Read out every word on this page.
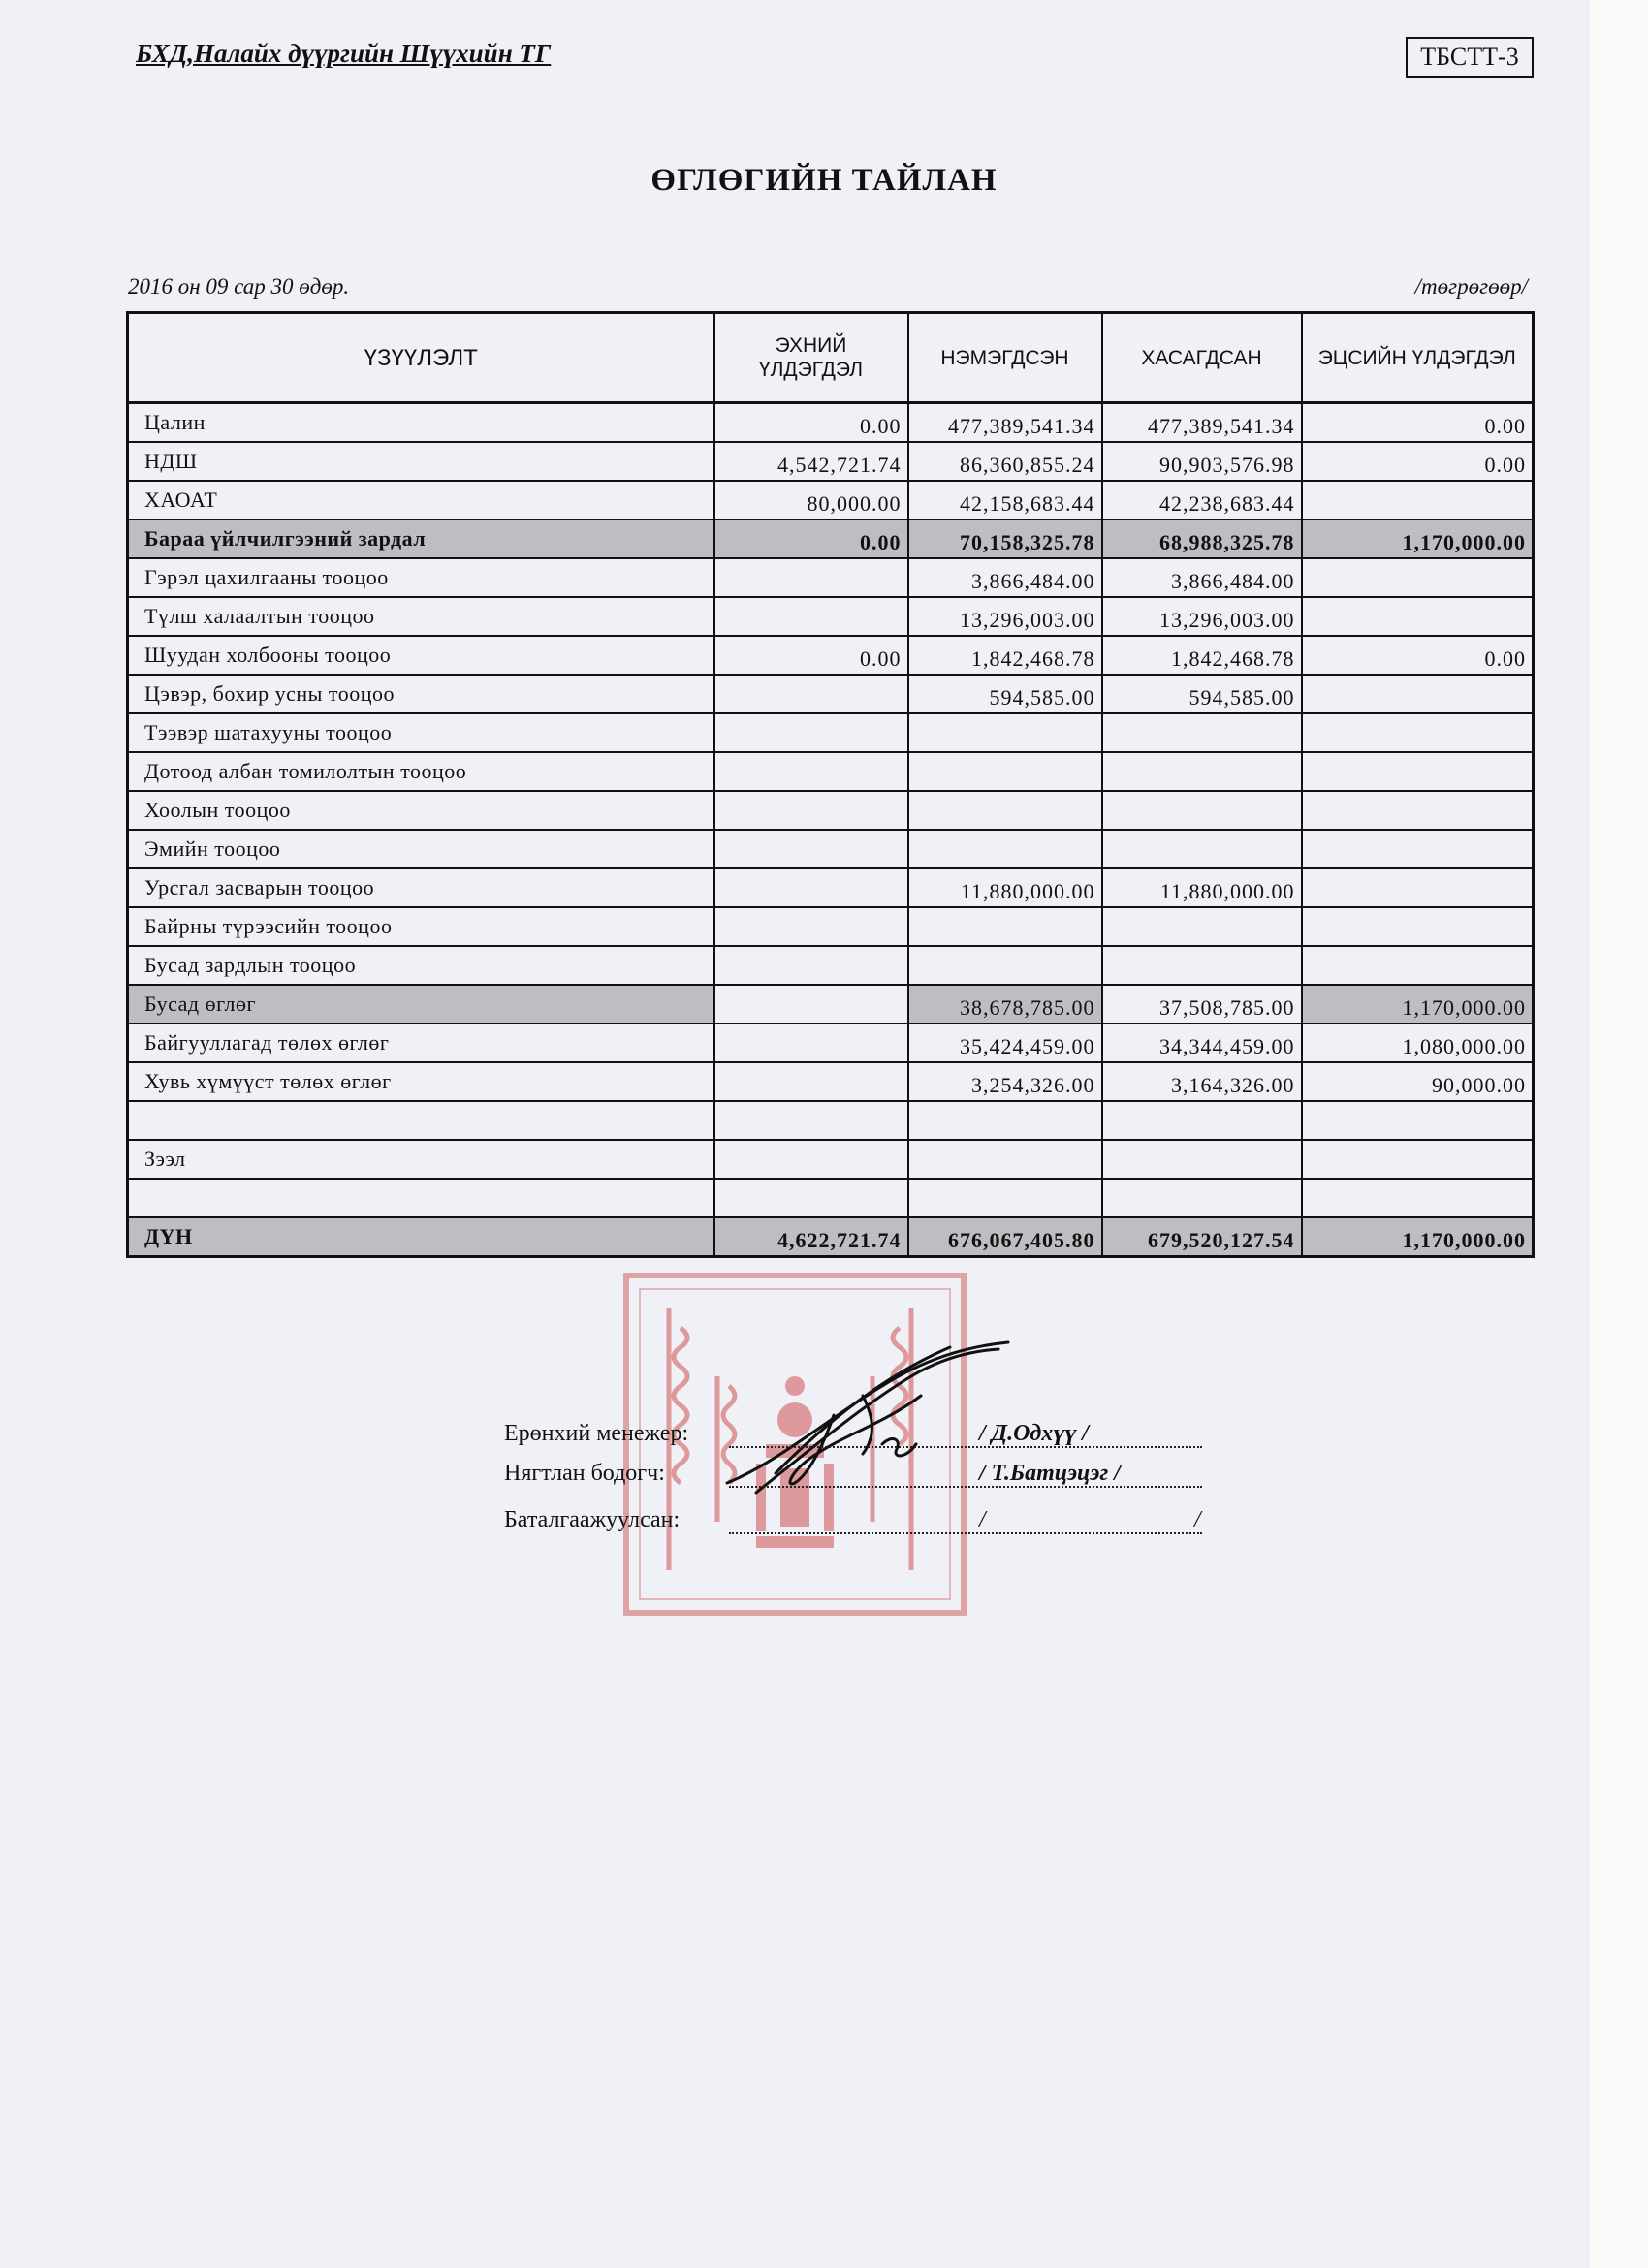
БХД,Налайх дүүргийн Шүүхийн ТГ	ТБСТТ-3
ӨГЛӨГИЙН ТАЙЛАН
2016 он 09 сар 30 өдөр.	/төгрөгөөр/
ҮЗҮҮЛЭЛТ	ЭХНИЙ ҮЛДЭГДЭЛ	НЭМЭГДСЭН	ХАСАГДСАН	ЭЦСИЙН ҮЛДЭГДЭЛ
Цалин	0.00	477,389,541.34	477,389,541.34	0.00
НДШ	4,542,721.74	86,360,855.24	90,903,576.98	0.00
ХАОАТ	80,000.00	42,158,683.44	42,238,683.44	
Бараа үйлчилгээний зардал	0.00	70,158,325.78	68,988,325.78	1,170,000.00
Гэрэл цахилгааны тооцоо		3,866,484.00	3,866,484.00	
Түлш халаалтын тооцоо		13,296,003.00	13,296,003.00	
Шуудан холбооны тооцоо	0.00	1,842,468.78	1,842,468.78	0.00
Цэвэр, бохир усны тооцоо		594,585.00	594,585.00	
Тээвэр шатахууны тооцоо				
Дотоод албан томилолтын тооцоо				
Хоолын тооцоо				
Эмийн тооцоо				
Урсгал засварын тооцоо		11,880,000.00	11,880,000.00	
Байрны түрээсийн тооцоо				
Бусад зардлын тооцоо				
Бусад өглөг		38,678,785.00	37,508,785.00	1,170,000.00
Байгууллагад төлөх өглөг		35,424,459.00	34,344,459.00	1,080,000.00
Хувь хүмүүст төлөх өглөг		3,254,326.00	3,164,326.00	90,000.00

Зээл				

ДҮН	4,622,721.74	676,067,405.80	679,520,127.54	1,170,000.00
Ерөнхий менежер:	/ Д.Одхүү /
Нягтлан бодогч:	/ Т.Батцэцэг /
Баталгаажуулсан:	/	/
